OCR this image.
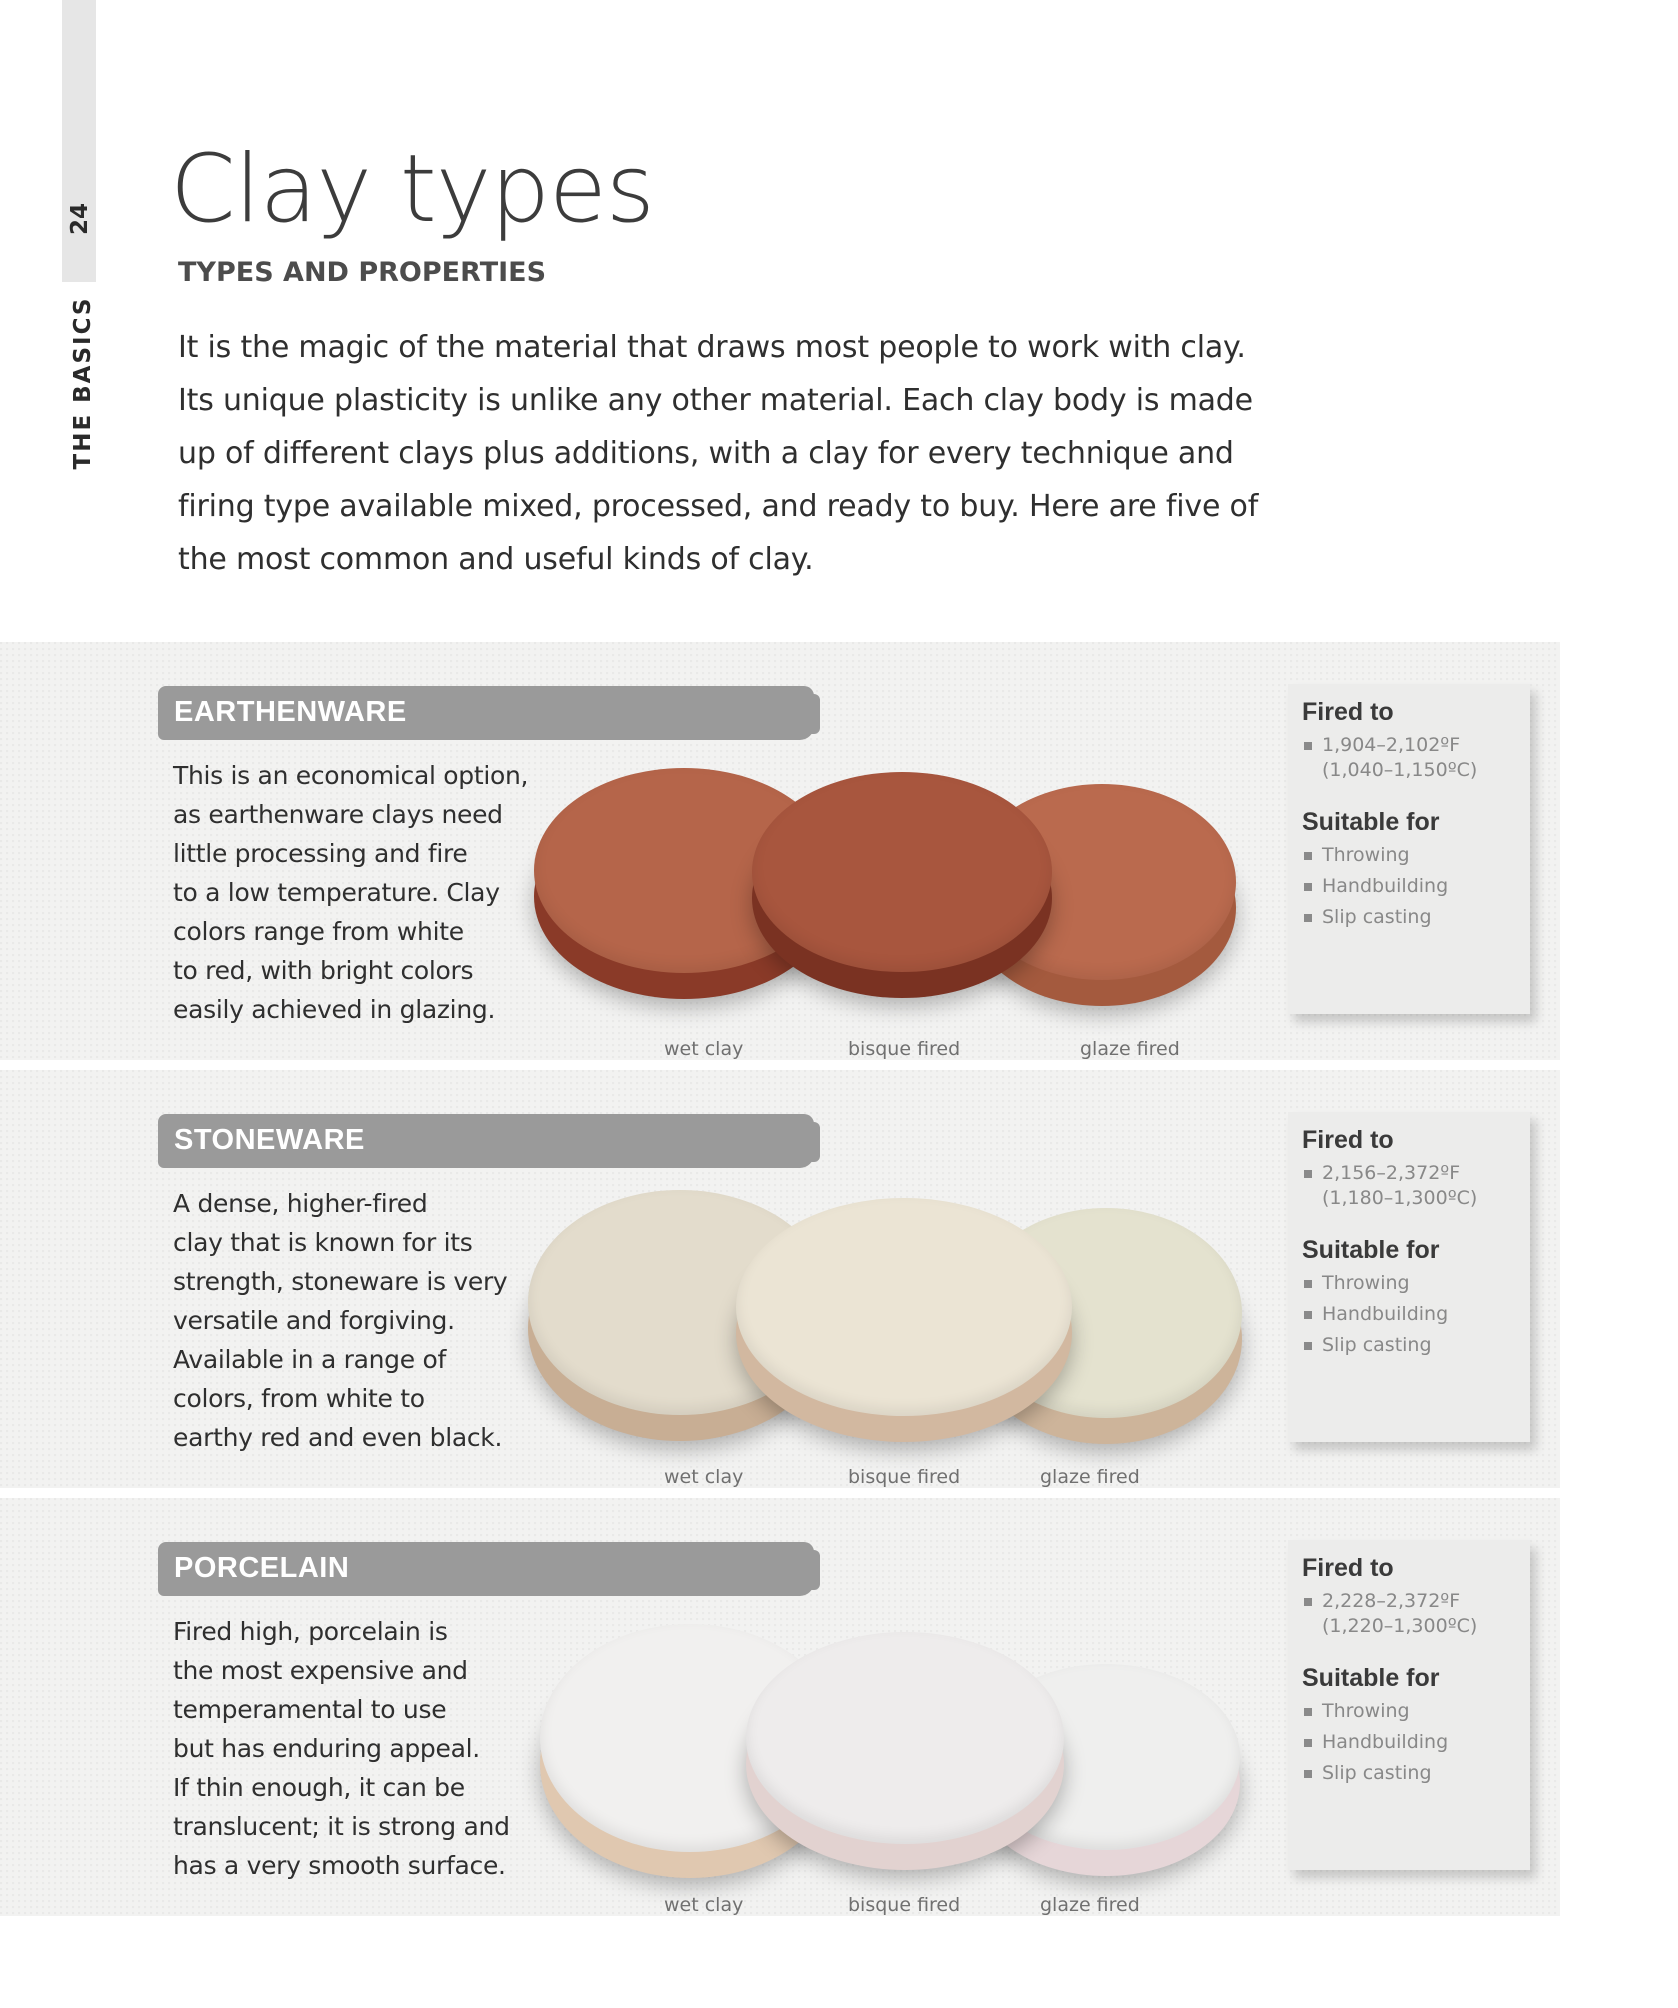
24
THE BASICS
Clay types
TYPES AND PROPERTIES
It is the magic of the material that draws most people to work with clay.
Its unique plasticity is unlike any other material. Each clay body is made
up of different clays plus additions, with a clay for every technique and
firing type available mixed, processed, and ready to buy. Here are five of
the most common and useful kinds of clay.
EARTHENWARE
This is an economical option,
as earthenware clays need
little processing and fire
to a low temperature. Clay
colors range from white
to red, with bright colors
easily achieved in glazing.
wet clay	bisque fired	glaze fired
Fired to
1,904–2,102ºF
(1,040–1,150ºC)
Suitable for
Throwing
Handbuilding
Slip casting
STONEWARE
A dense, higher-fired
clay that is known for its
strength, stoneware is very
versatile and forgiving.
Available in a range of
colors, from white to
earthy red and even black.
wet clay	bisque fired	glaze fired
Fired to
2,156–2,372ºF
(1,180–1,300ºC)
Suitable for
Throwing
Handbuilding
Slip casting
PORCELAIN
Fired high, porcelain is
the most expensive and
temperamental to use
but has enduring appeal.
If thin enough, it can be
translucent; it is strong and
has a very smooth surface.
wet clay	bisque fired	glaze fired
Fired to
2,228–2,372ºF
(1,220–1,300ºC)
Suitable for
Throwing
Handbuilding
Slip casting
